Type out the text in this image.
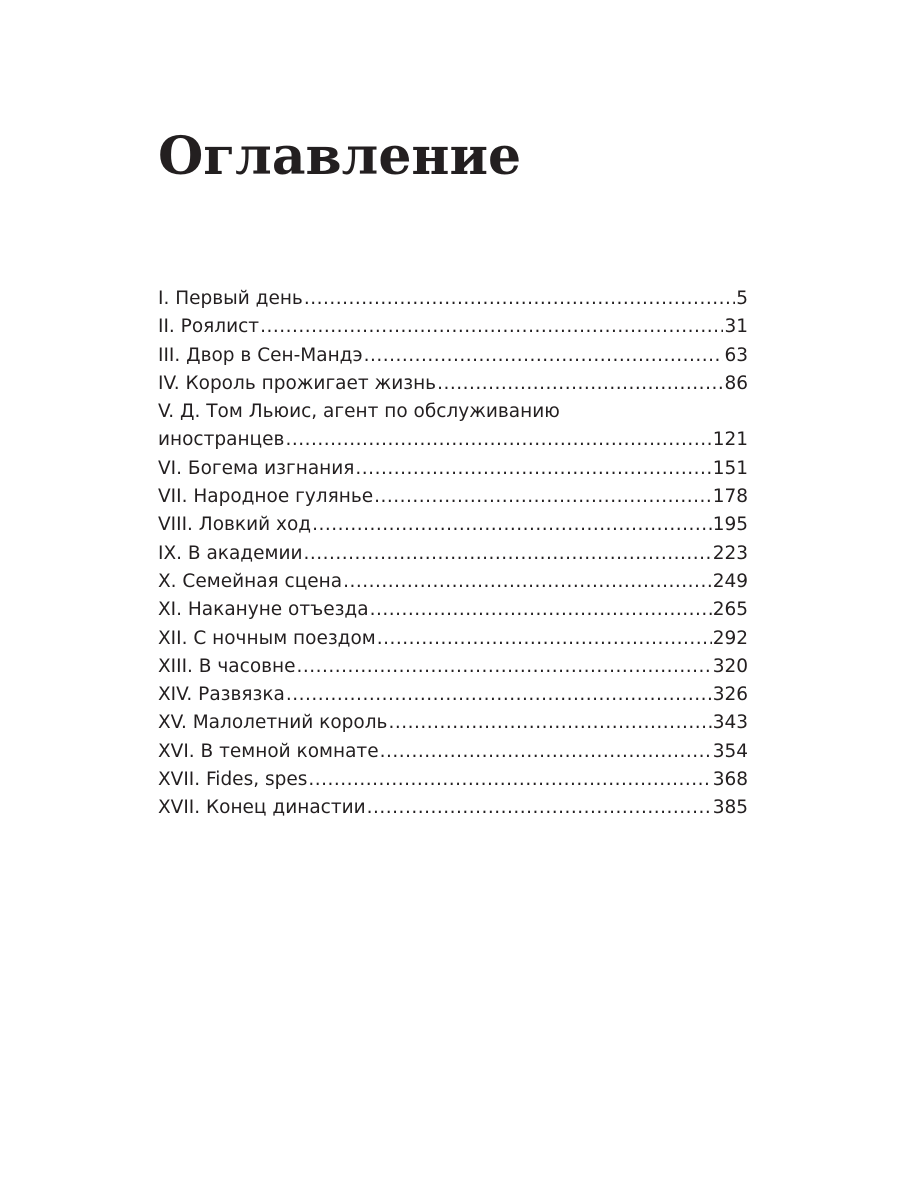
Оглавление
I. Первый день .....	5
II. Роялист .....	31
III. Двор в Сен-Мандэ .....	63
IV. Король прожигает жизнь .....	86
V. Д. Том Льюис, агент по обслуживанию
иностранцев .....	121
VI. Богема изгнания .....	151
VII. Народное гулянье .....	178
VIII. Ловкий ход .....	195
IX. В академии .....	223
X. Семейная сцена .....	249
XI. Накануне отъезда .....	265
XII. С ночным поездом .....	292
XIII. В часовне .....	320
XIV. Развязка .....	326
XV. Малолетний король .....	343
XVI. В темной комнате .....	354
XVII. Fides, spes .....	368
XVII. Конец династии .....	385
